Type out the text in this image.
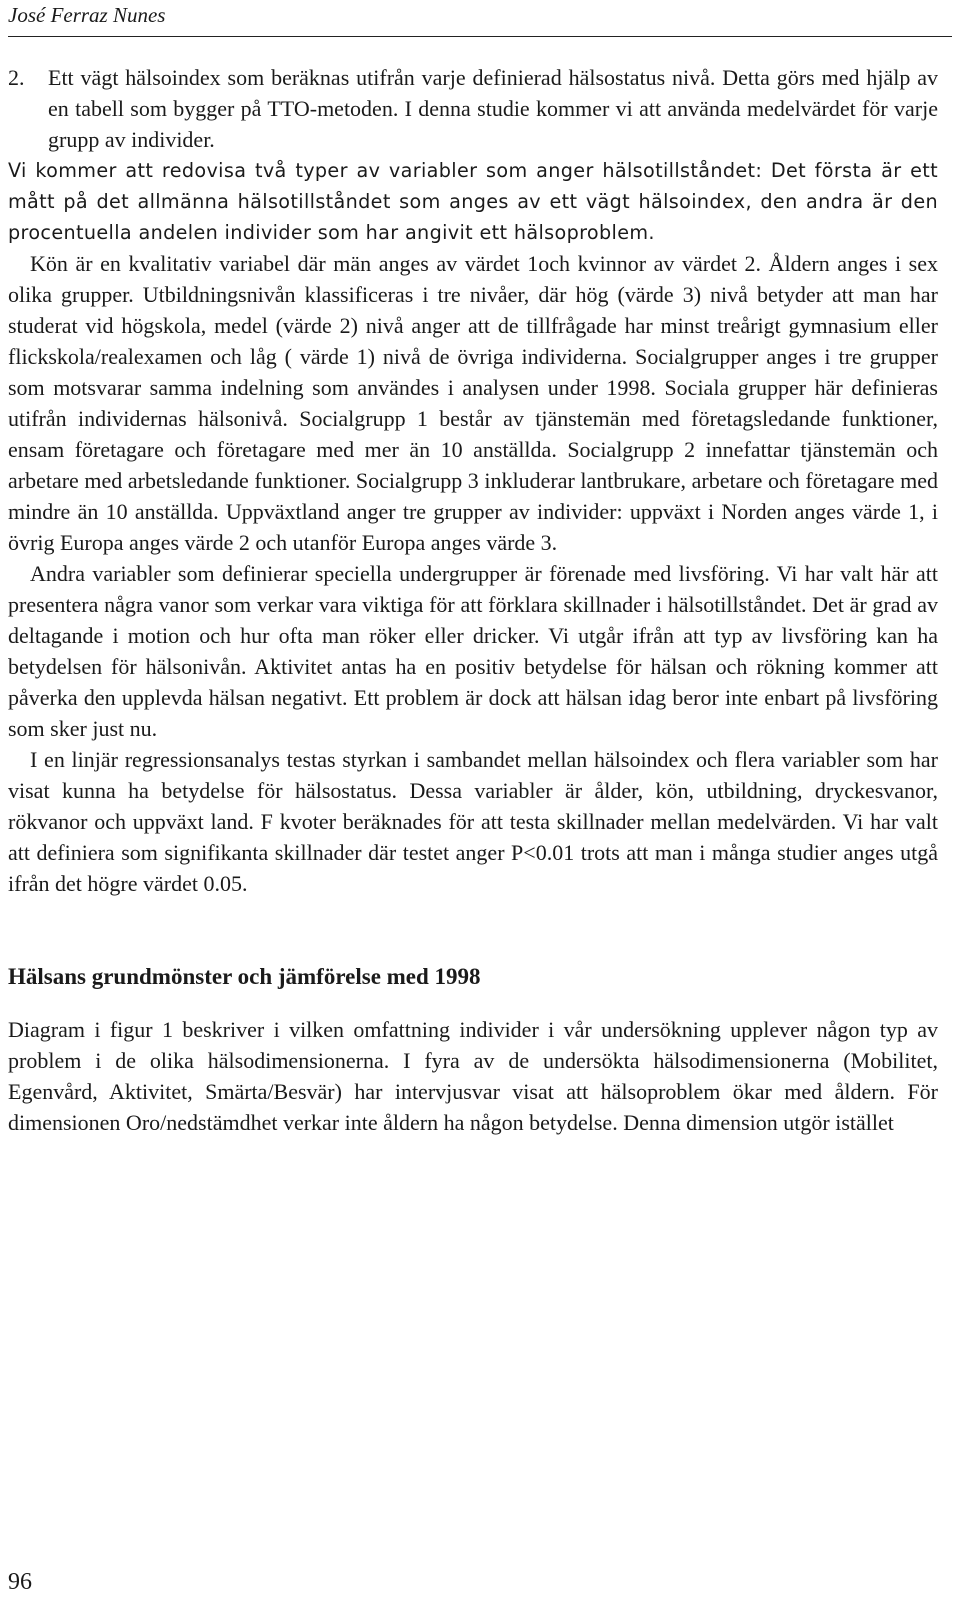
José Ferraz Nunes
2.	Ett vägt hälsoindex som beräknas utifrån varje definierad hälsostatus nivå. Detta görs med hjälp av en tabell som bygger på TTO-metoden. I denna studie kommer vi att använda medelvärdet för varje grupp av individer.

Vi kommer att redovisa två typer av variabler som anger hälsotillståndet: Det första är ett mått på det allmänna hälsotillståndet som anges av ett vägt hälsoindex, den andra är den procentuella andelen individer som har angivit ett hälsoproblem.

Kön är en kvalitativ variabel där män anges av värdet 1och kvinnor av värdet 2. Åldern anges i sex olika grupper. Utbildningsnivån klassificeras i tre nivåer, där hög (värde 3) nivå betyder att man har studerat vid högskola, medel (värde 2) nivå anger att de tillfrågade har minst treårigt gymnasium eller flickskola/realexamen och låg ( värde 1) nivå de övriga individerna. Socialgrupper anges i tre grupper som motsvarar samma indelning som användes i analysen under 1998. Sociala grupper här definieras utifrån individernas hälsonivå. Socialgrupp 1 består av tjänstemän med företagsledande funktioner, ensam företagare och företagare med mer än 10 anställda. Socialgrupp 2 innefattar tjänstemän och arbetare med arbetsledande funktioner. Socialgrupp 3 inkluderar lantbrukare, arbetare och företagare med mindre än 10 anställda. Uppväxtland anger tre grupper av individer: uppväxt i Norden anges värde 1, i övrig Europa anges värde 2 och utanför Europa anges värde 3.

Andra variabler som definierar speciella undergrupper är förenade med livsföring. Vi har valt här att presentera några vanor som verkar vara viktiga för att förklara skillnader i hälsotillståndet. Det är grad av deltagande i motion och hur ofta man röker eller dricker. Vi utgår ifrån att typ av livsföring kan ha betydelsen för hälsonivån. Aktivitet antas ha en positiv betydelse för hälsan och rökning kommer att påverka den upplevda hälsan negativt. Ett problem är dock att hälsan idag beror inte enbart på livsföring som sker just nu.

I en linjär regressionsanalys testas styrkan i sambandet mellan hälsoindex och flera variabler som har visat kunna ha betydelse för hälsostatus. Dessa variabler är ålder, kön, utbildning, dryckesvanor, rökvanor och uppväxt land. F kvoter beräknades för att testa skillnader mellan medelvärden. Vi har valt att definiera som signifikanta skillnader där testet anger P<0.01 trots att man i många studier anges utgå ifrån det högre värdet 0.05.

Hälsans grundmönster och jämförelse med 1998

Diagram i figur 1 beskriver i vilken omfattning individer i vår undersökning upplever någon typ av problem i de olika hälsodimensionerna. I fyra av de undersökta hälsodimensionerna (Mobilitet, Egenvård, Aktivitet, Smärta/Besvär) har intervjusvar visat att hälsoproblem ökar med åldern. För dimensionen Oro/nedstämdhet verkar inte åldern ha någon betydelse. Denna dimension utgör istället

96
